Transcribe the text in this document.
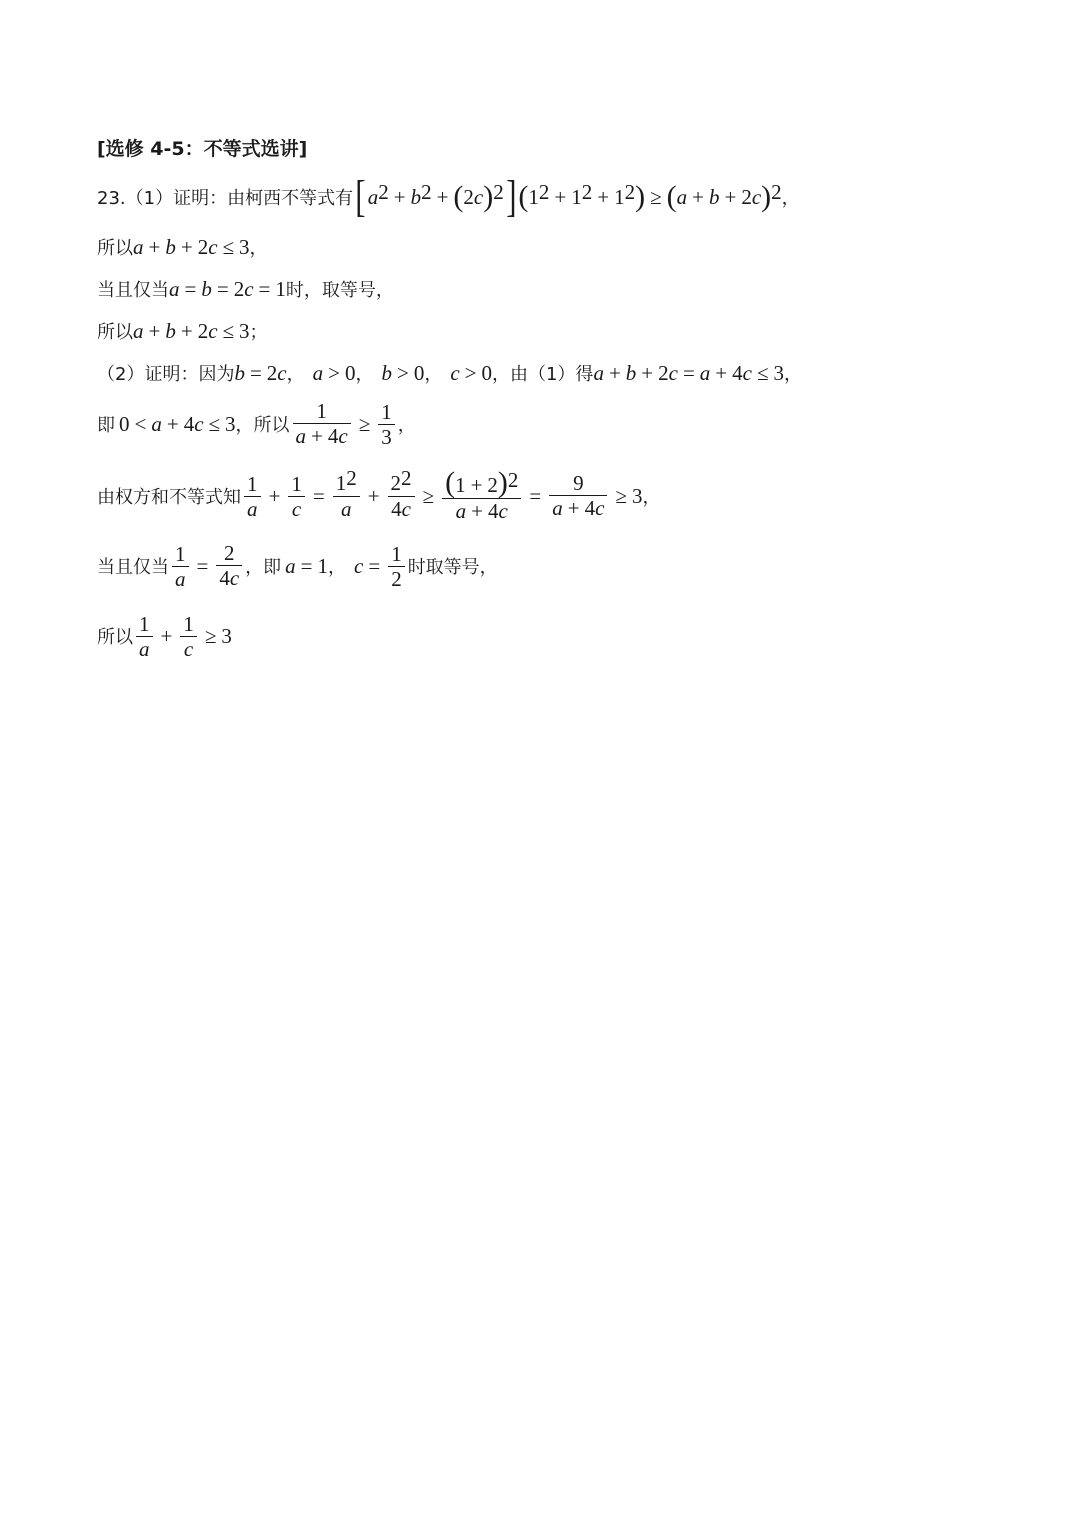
[选修 4-5：不等式选讲]
23.（1）证明：由柯西不等式有 [ $a^2 + b^2$ + ( 2 c )$^2$ ] ( $1^2 + 1^2 + 1^2$ ) ≥ ( a + b + 2 c )$^2$ ，
所以 a + b + 2c ≤ 3 ，
当且仅当 a = b = 2c = 1 时，取等号，
所以 a + b + 2c ≤ 3 ；
（2）证明：因为 b = 2 c ， a > 0 ， b > 0 ， c > 0 ，由（1）得 a + b + 2c = a + 4c ≤ 3 ，
即 0 < a + 4 c ≤ 3 ，所以 $\frac{1}{a + 4c} \ge \frac{1}{3}$ ，
由权方和不等式知 $\frac{1}{a} + \frac{1}{c} = \frac{1^2}{a} + \frac{2^2}{4c} \ge \frac{(1 + 2)^2}{a + 4c} = \frac{9}{a + 4c} \ge 3$ ，
当且仅当 $\frac{1}{a} = \frac{2}{4c}$ ，即 a = 1 ， $c = \frac{1}{2}$ 时取等号，
所以 $\frac{1}{a} + \frac{1}{c} \ge 3$
